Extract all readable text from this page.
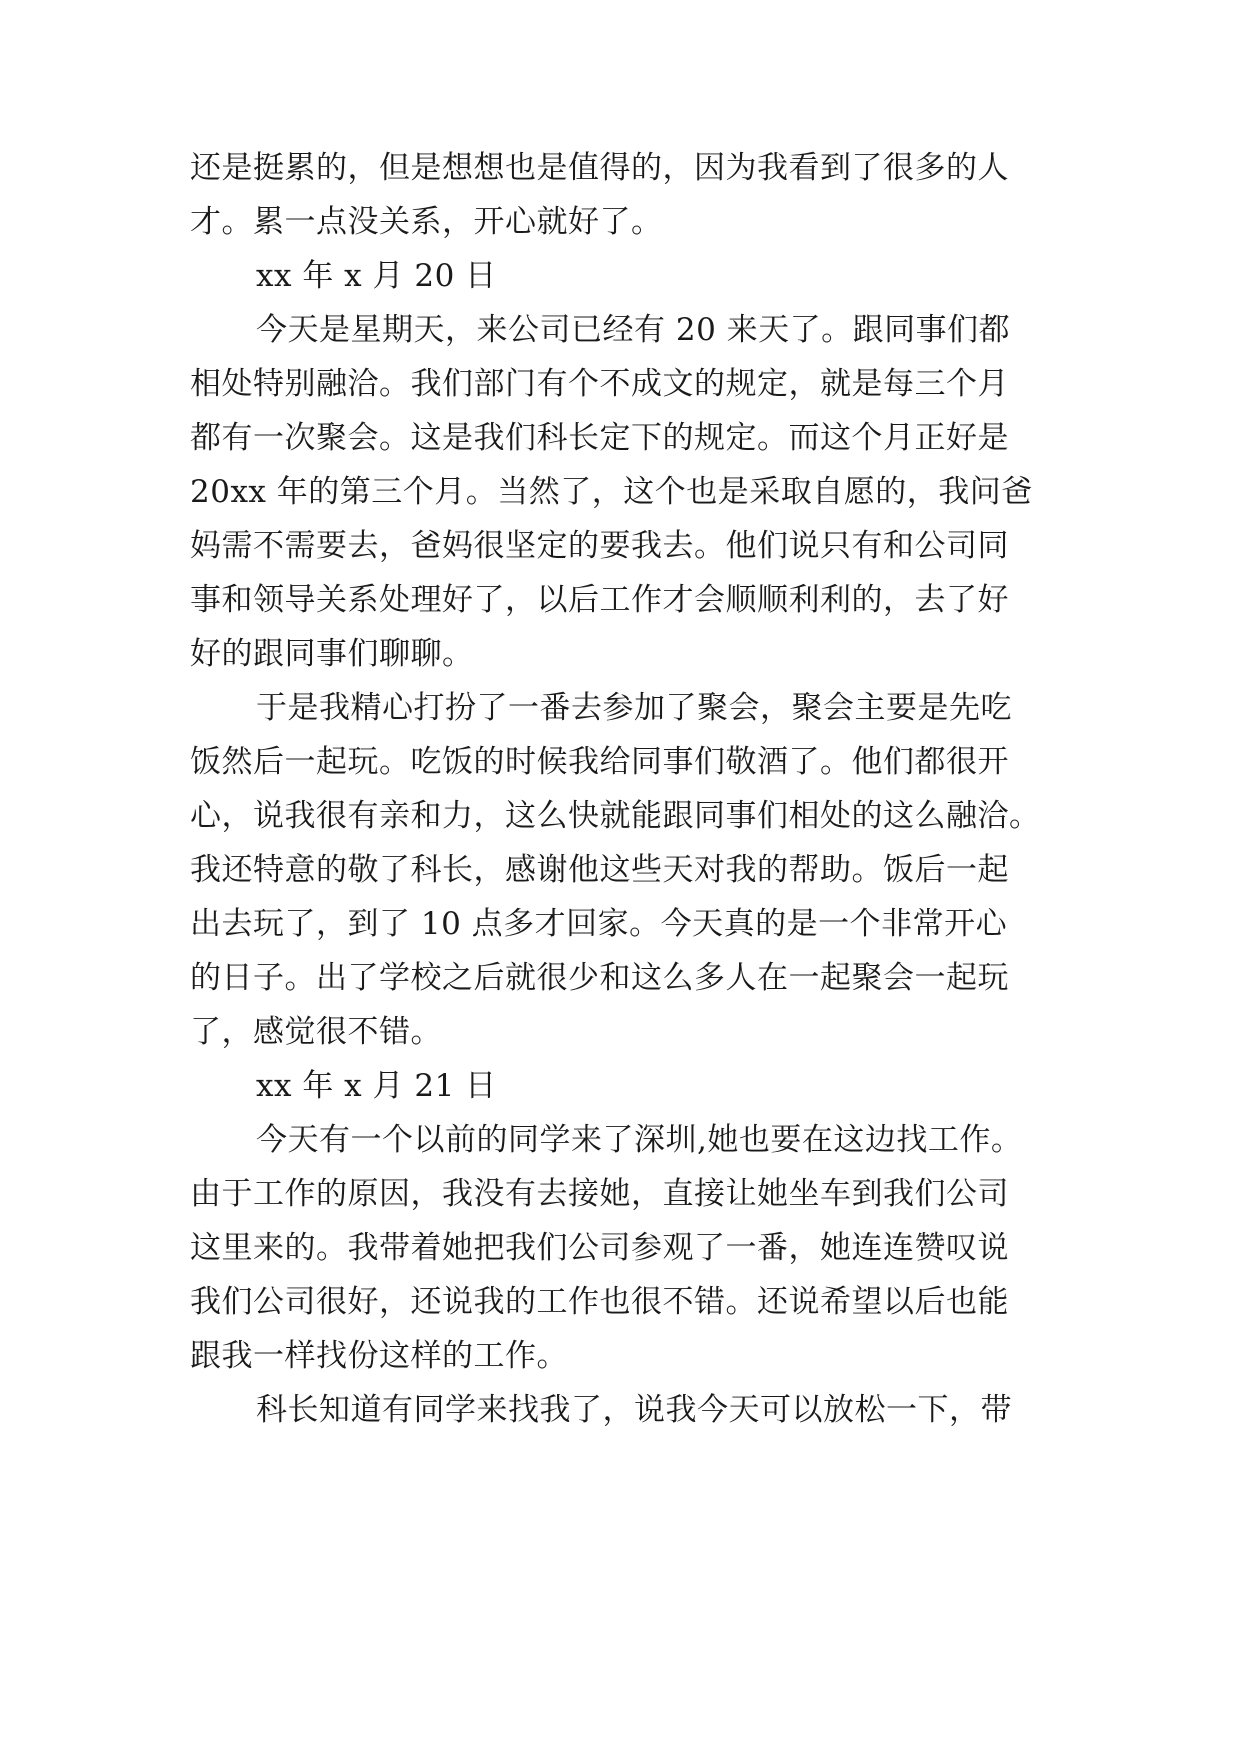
还是挺累的，但是想想也是值得的，因为我看到了很多的人

才。累一点没关系，开心就好了。

xx 年 x 月 20 日

今天是星期天，来公司已经有 20 来天了。跟同事们都

相处特别融洽。我们部门有个不成文的规定，就是每三个月

都有一次聚会。这是我们科长定下的规定。而这个月正好是

20xx 年的第三个月。当然了，这个也是采取自愿的，我问爸

妈需不需要去，爸妈很坚定的要我去。他们说只有和公司同

事和领导关系处理好了，以后工作才会顺顺利利的，去了好

好的跟同事们聊聊。

于是我精心打扮了一番去参加了聚会，聚会主要是先吃

饭然后一起玩。吃饭的时候我给同事们敬酒了。他们都很开

心，说我很有亲和力，这么快就能跟同事们相处的这么融洽。

我还特意的敬了科长，感谢他这些天对我的帮助。饭后一起

出去玩了，到了 10 点多才回家。今天真的是一个非常开心

的日子。出了学校之后就很少和这么多人在一起聚会一起玩

了，感觉很不错。

xx 年 x 月 21 日

今天有一个以前的同学来了深圳,她也要在这边找工作。

由于工作的原因，我没有去接她，直接让她坐车到我们公司

这里来的。我带着她把我们公司参观了一番，她连连赞叹说

我们公司很好，还说我的工作也很不错。还说希望以后也能

跟我一样找份这样的工作。

科长知道有同学来找我了，说我今天可以放松一下，带
